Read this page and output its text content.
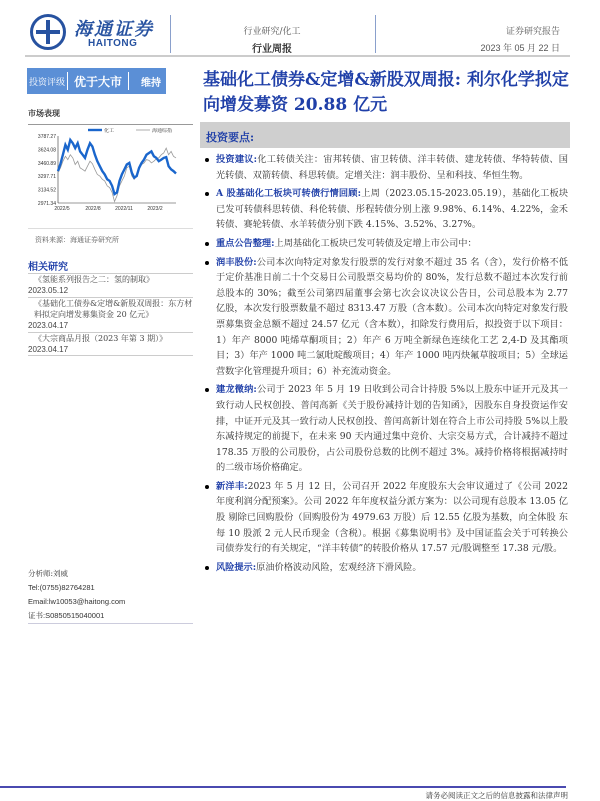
海通证券
HAITONG
行业研究/化工
行业周报
证券研究报告
2023 年 05 月 22 日
投资评级 优于大市 维持 基础化工债券&定增&新股双周报: 利尔化学拟定向增发募资 20.88 亿元
市场表现
2971.34
3134.52
3297.71
3460.89
3624.08
3787.27
2022/5	2022/8	2022/11	2023/2
化工	海通综指
资料来源：海通证券研究所
相关研究
《氢能系列报告之二：氢的制取》
2023.05.12
《基础化工债券&定增&新股双周报：东方材料拟定向增发募集资金 20 亿元》
2023.04.17
《大宗商品月报（2023 年第 3 期）》
2023.04.17
分析师:刘威
Tel:(0755)82764281
Email:lw10053@haitong.com
证书:S0850515040001
投资要点:
投资建议:化工转债关注：宙邦转债、宙卫转债、洋丰转债、建龙转债、华特转债、国光转债、双箭转债、科思转债。定增关注：润丰股份、呈和科技、华恒生物。
A 股基础化工板块可转债行情回顾:上周（2023.05.15-2023.05.19），基础化工板块已发可转债科思转债、科伦转债、彤程转债分别上涨 9.98%、6.14%、4.22%，金禾转债、赛轮转债、水羊转债分别下跌 4.15%、3.52%、3.27%。
重点公告整理:上周基础化工板块已发可转债及定增上市公司中：
润丰股份:公司本次向特定对象发行股票的发行对象不超过 35 名（含），发行价格不低于定价基准日前二十个交易日公司股票交易均价的 80%，发行总数不超过本次发行前总股本的 30%；截至公司第四届董事会第七次会议决议公告日，公司总股本为 2.77 亿股，本次发行股票数量不超过 8313.47 万股（含本数）。公司本次向特定对象发行股票募集资金总额不超过 24.57 亿元（含本数），扣除发行费用后，拟投资于以下项目：1）年产 8000 吨烯草酮项目；2）年产 6 万吨全新绿色连续化工艺 2,4-D 及其酯项目；3）年产 1000 吨二氯吡啶酸项目；4）年产 1000 吨丙炔氟草胺项目；5）全球运营数字化管理提升项目；6）补充流动资金。
建龙微纳:公司于 2023 年 5 月 19 日收到公司合计持股 5%以上股东中证开元及其一致行动人民权创投、普闰高新《关于股份减持计划的告知函》，因股东自身投资运作安排，中证开元及其一致行动人民权创投、普闰高新计划在符合上市公司持股 5%以上股东减持规定的前提下，在未来 90 天内通过集中竞价、大宗交易方式，合计减持不超过 178.35 万股的公司股份，占公司股份总数的比例不超过 3%。减持价格将根据减持时的二级市场价格确定。
新洋丰:2023 年 5 月 12 日，公司召开 2022 年度股东大会审议通过了《公司 2022 年度利润分配预案》。公司 2022 年年度权益分派方案为：以公司现有总股本 13.05 亿股 剔除已回购股份（回购股份为 4979.63 万股）后 12.55 亿股为基数，向全体股 东每 10 股派 2 元人民币现金（含税）。根据《募集说明书》及中国证监会关于可转换公司债券发行的有关规定，“洋丰转债”的转股价格从 17.57 元/股调整至 17.38 元/股。
风险提示:原油价格波动风险，宏观经济下滑风险。
请务必阅读正文之后的信息披露和法律声明
